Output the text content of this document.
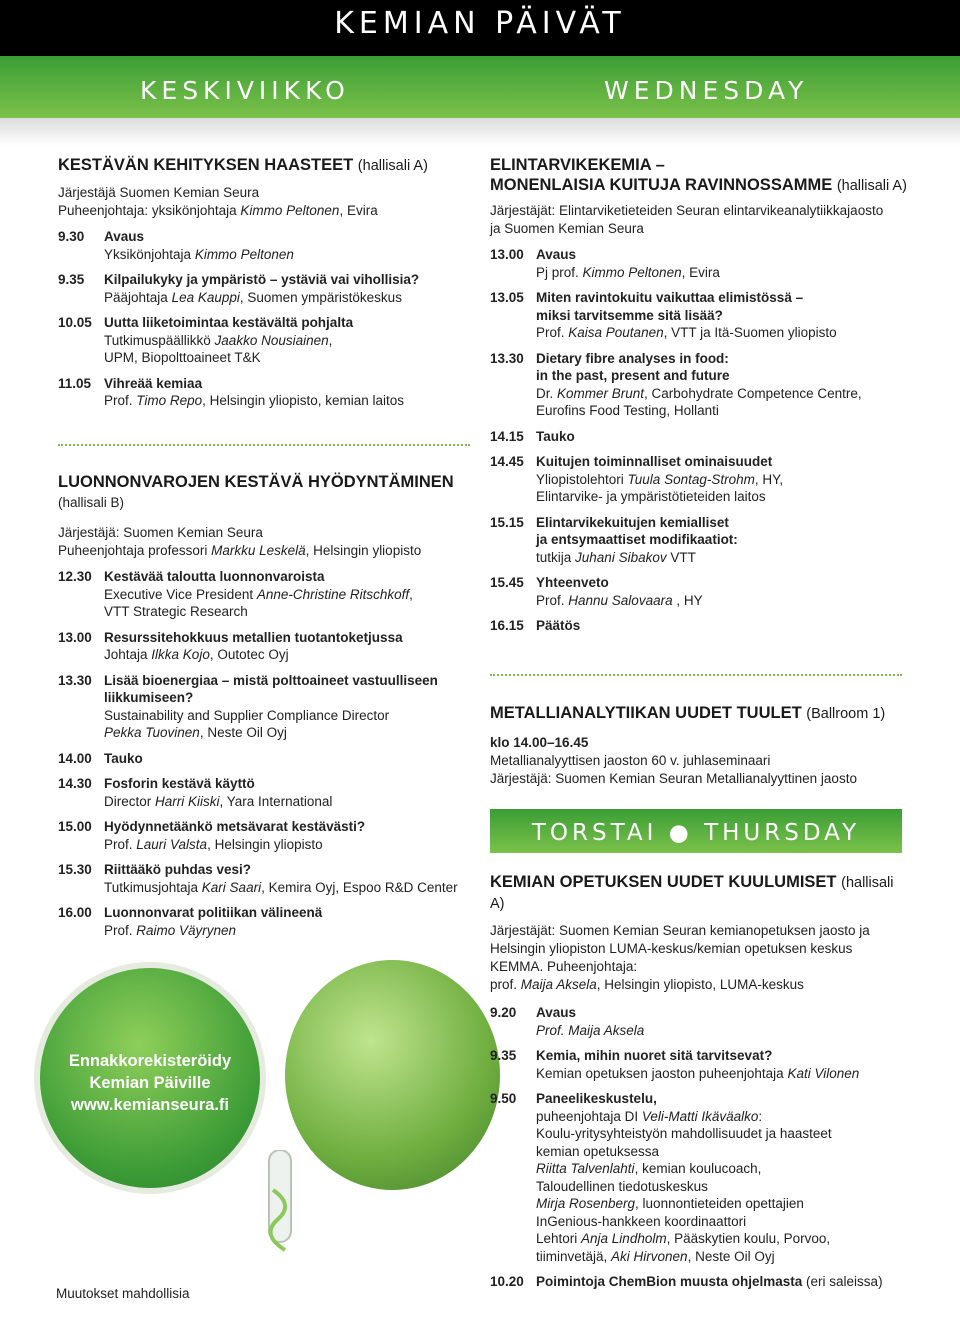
KEMIAN PÄIVÄT
KESKIVIIKKO	WEDNESDAY
KESTÄVÄN KEHITYKSEN HAASTEET (hallisali A)
Järjestäjä Suomen Kemian Seura
Puheenjohtaja: yksikönjohtaja Kimmo Peltonen, Evira
9.30	Avaus
Yksikönjohtaja Kimmo Peltonen
9.35	Kilpailukyky ja ympäristö – ystäviä vai vihollisia?
Pääjohtaja Lea Kauppi, Suomen ympäristökeskus
10.05 Uutta liiketoimintaa kestävältä pohjalta
Tutkimuspäällikkö Jaakko Nousiainen,
UPM, Biopolttoaineet T&K
11.05 Vihreää kemiaa
Prof. Timo Repo, Helsingin yliopisto, kemian laitos
LUONNONVAROJEN KESTÄVÄ HYÖDYNTÄMINEN
(hallisali B)
Järjestäjä: Suomen Kemian Seura
Puheenjohtaja professori Markku Leskelä, Helsingin yliopisto
12.30 Kestävää taloutta luonnonvaroista
Executive Vice President Anne-Christine Ritschkoff,
VTT Strategic Research
13.00 Resurssitehokkuus metallien tuotantoketjussa
Johtaja Ilkka Kojo, Outotec Oyj
13.30 Lisää bioenergiaa – mistä polttoaineet vastuulliseen
liikkumiseen?
Sustainability and Supplier Compliance Director
Pekka Tuovinen, Neste Oil Oyj
14.00 Tauko
14.30 Fosforin kestävä käyttö
Director Harri Kiiski, Yara International
15.00 Hyödynnetäänkö metsävarat kestävästi?
Prof. Lauri Valsta, Helsingin yliopisto
15.30 Riittääkö puhdas vesi?
Tutkimusjohtaja Kari Saari, Kemira Oyj, Espoo R&D Center
16.00 Luonnonvarat politiikan välineenä
Prof. Raimo Väyrynen
Ennakkorekisteröidy
Kemian Päiville
www.kemianseura.fi
Muutokset mahdollisia
ELINTARVIKEKEMIA –
MONENLAISIA KUITUJA RAVINNOSSAMME (hallisali A)
Järjestäjät: Elintarviketieteiden Seuran elintarvikeanalytiikkajaosto
ja Suomen Kemian Seura
13.00 Avaus
Pj prof. Kimmo Peltonen, Evira
13.05 Miten ravintokuitu vaikuttaa elimistössä –
miksi tarvitsemme sitä lisää?
Prof. Kaisa Poutanen, VTT ja Itä-Suomen yliopisto
13.30 Dietary fibre analyses in food:
in the past, present and future
Dr. Kommer Brunt, Carbohydrate Competence Centre,
Eurofins Food Testing, Hollanti
14.15 Tauko
14.45 Kuitujen toiminnalliset ominaisuudet
Yliopistolehtori Tuula Sontag-Strohm, HY,
Elintarvike- ja ympäristötieteiden laitos
15.15 Elintarvikekuitujen kemialliset
ja entsymaattiset modifikaatiot:
tutkija Juhani Sibakov VTT
15.45 Yhteenveto
Prof. Hannu Salovaara , HY
16.15 Päätös
METALLIANALYTIIKAN UUDET TUULET (Ballroom 1)
klo 14.00–16.45
Metallianalyyttisen jaoston 60 v. juhlaseminaari
Järjestäjä: Suomen Kemian Seuran Metallianalyyttinen jaosto
TORSTAI ● THURSDAY
KEMIAN OPETUKSEN UUDET KUULUMISET (hallisali A)
Järjestäjät: Suomen Kemian Seuran kemianopetuksen jaosto ja
Helsingin yliopiston LUMA-keskus/kemian opetuksen keskus
KEMMA. Puheenjohtaja:
prof. Maija Aksela, Helsingin yliopisto, LUMA-keskus
9.20	Avaus
Prof. Maija Aksela
9.35	Kemia, mihin nuoret sitä tarvitsevat?
Kemian opetuksen jaoston puheenjohtaja Kati Vilonen
9.50	Paneelikeskustelu,
puheenjohtaja DI Veli-Matti Ikäväalko:
Koulu-yritysyhteistyön mahdollisuudet ja haasteet
kemian opetuksessa
Riitta Talvenlahti, kemian koulucoach,
Taloudellinen tiedotuskeskus
Mirja Rosenberg, luonnontieteiden opettajien
InGenious-hankkeen koordinaattori
Lehtori Anja Lindholm, Pääskytien koulu, Porvoo,
tiiminvetäjä, Aki Hirvonen, Neste Oil Oyj
10.20 Poimintoja ChemBion muusta ohjelmasta (eri saleissa)
